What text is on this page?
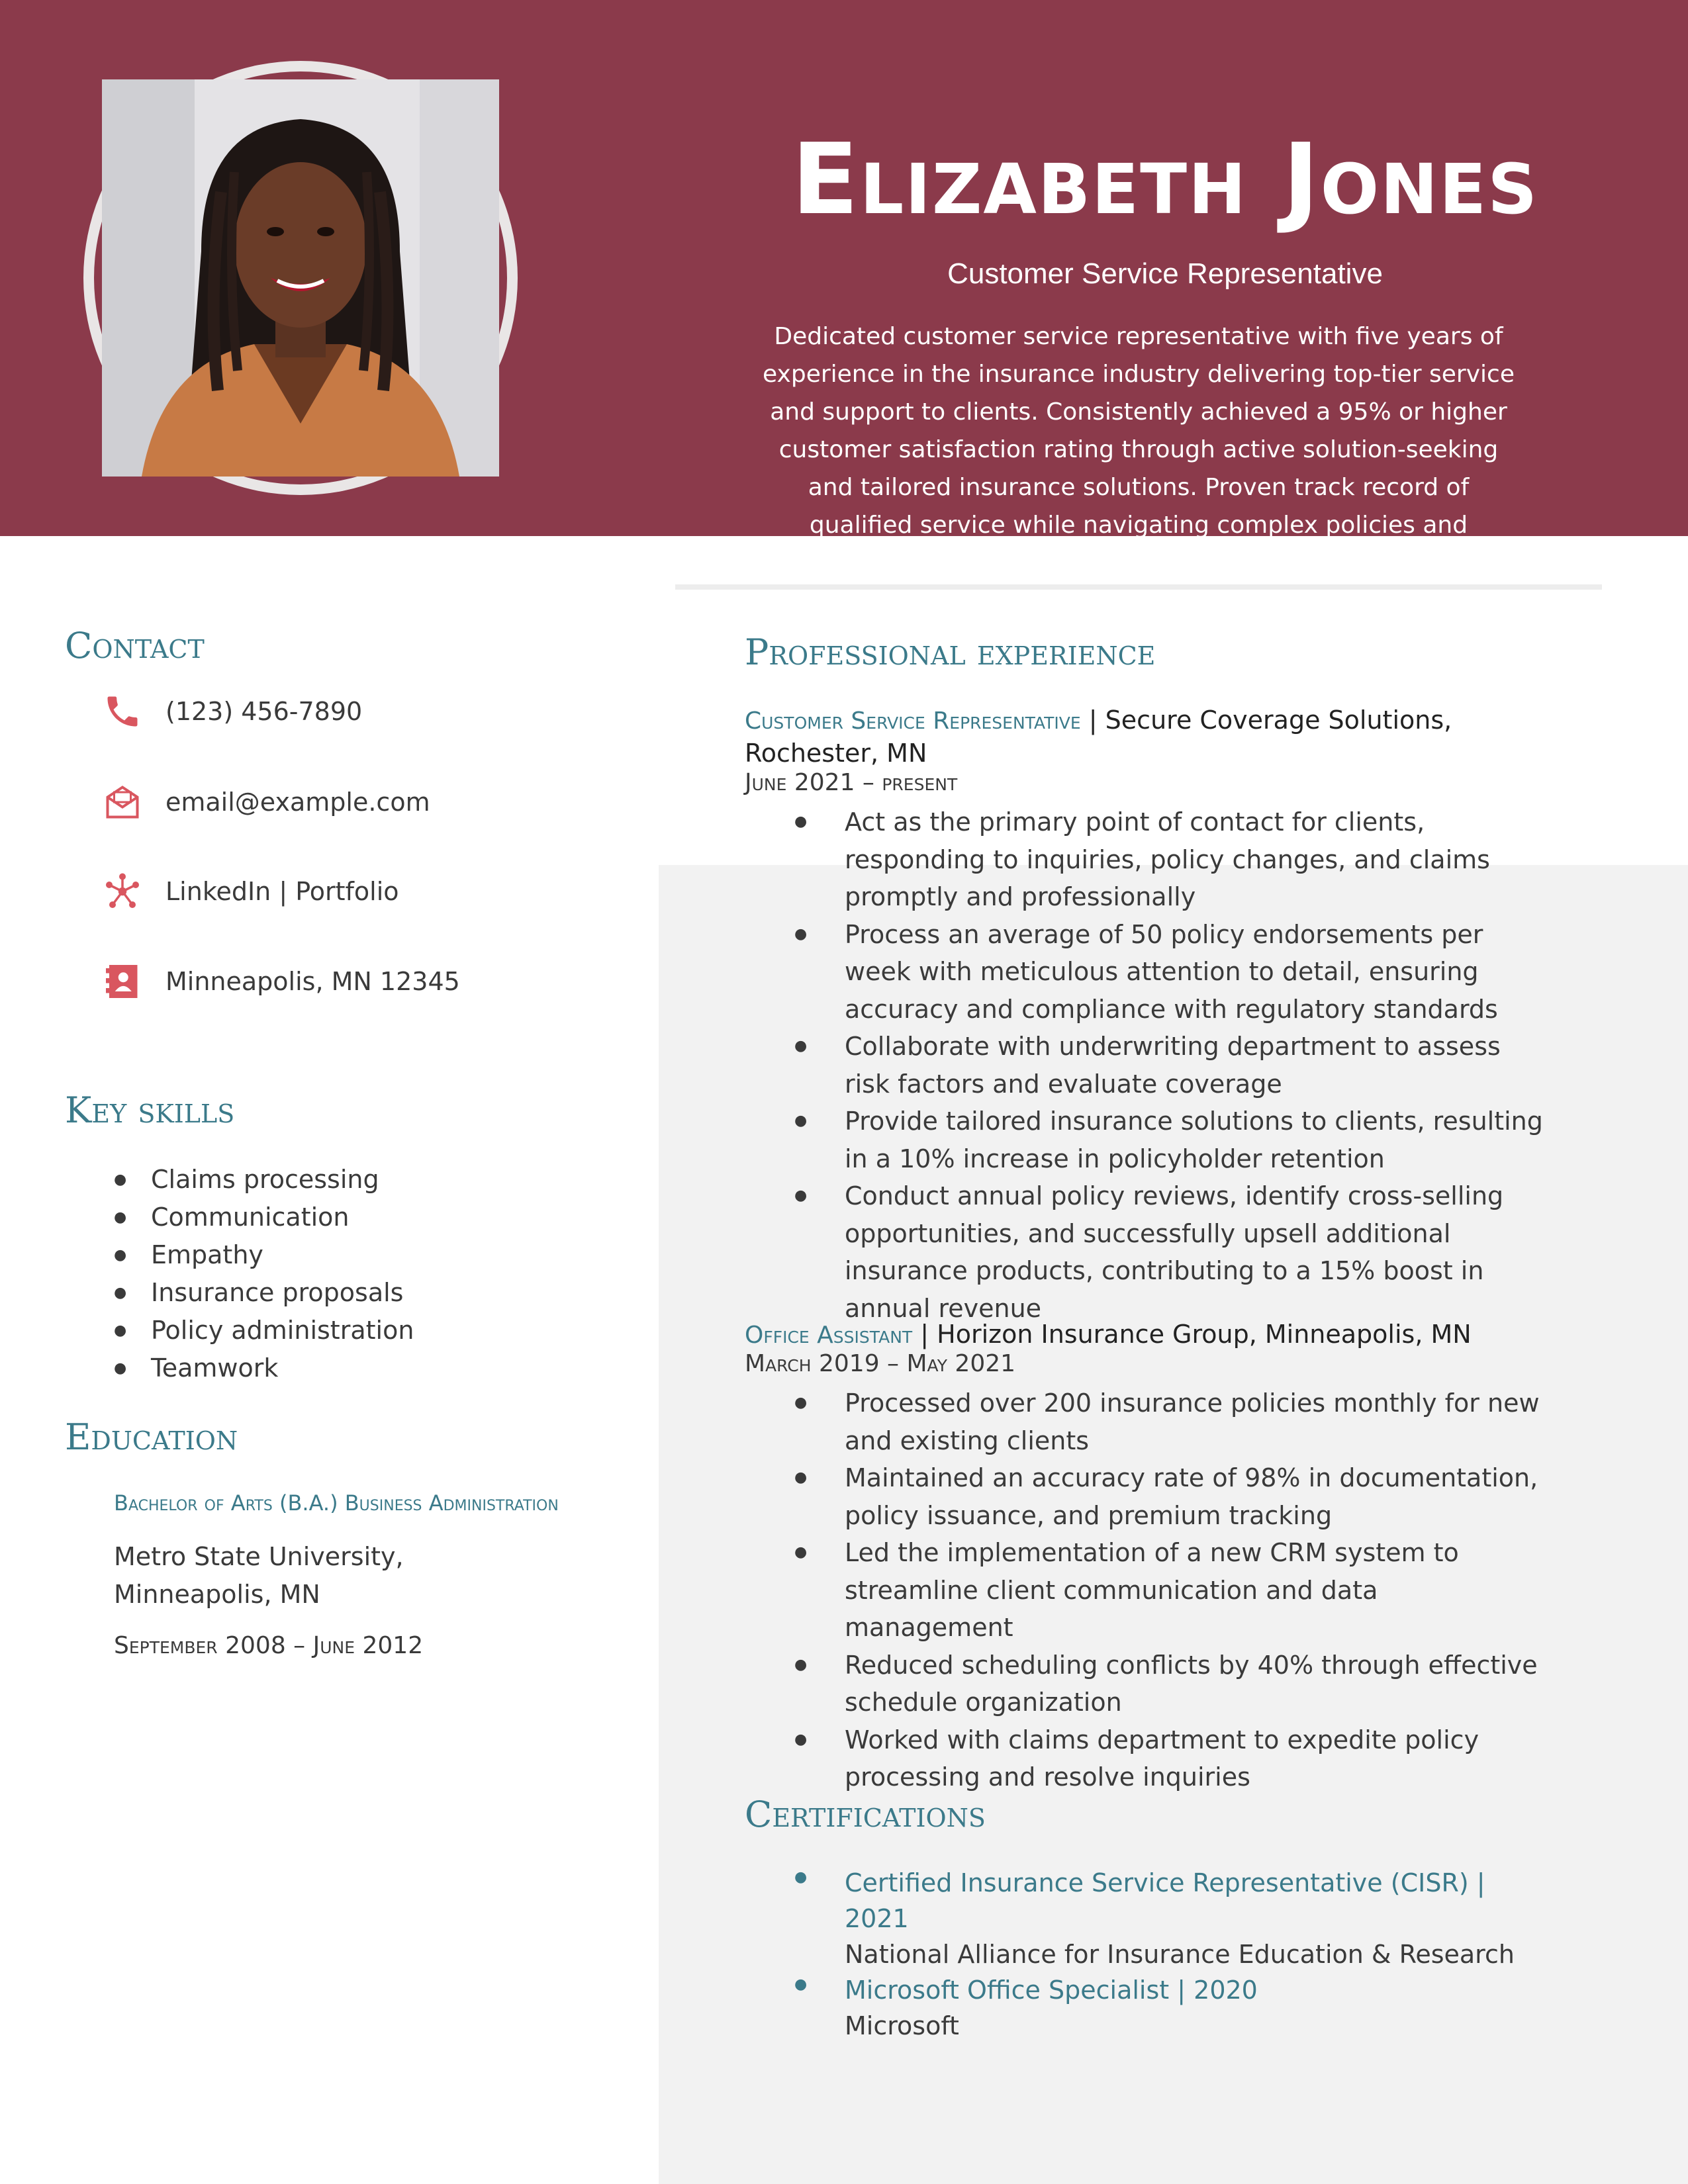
Elizabeth Jones
Customer Service Representative
Dedicated customer service representative with five years of experience in the insurance industry delivering top-tier service and support to clients. Consistently achieved a 95% or higher customer satisfaction rating through active solution-seeking and tailored insurance solutions. Proven track record of qualified service while navigating complex policies and regulations.
Contact
(123) 456-7890
email@example.com
LinkedIn | Portfolio
Minneapolis, MN 12345
Key skills
● Claims processing
● Communication
● Empathy
● Insurance proposals
● Policy administration
● Teamwork
Education
Bachelor of Arts (B.A.) Business Administration
Metro State University, Minneapolis, MN
September 2008 – June 2012
Professional experience
Customer Service Representative | Secure Coverage Solutions, Rochester, MN
June 2021 – present
● Act as the primary point of contact for clients, responding to inquiries, policy changes, and claims promptly and professionally
● Process an average of 50 policy endorsements per week with meticulous attention to detail, ensuring accuracy and compliance with regulatory standards
● Collaborate with underwriting department to assess risk factors and evaluate coverage
● Provide tailored insurance solutions to clients, resulting in a 10% increase in policyholder retention
● Conduct annual policy reviews, identify cross-selling opportunities, and successfully upsell additional insurance products, contributing to a 15% boost in annual revenue
Office Assistant | Horizon Insurance Group, Minneapolis, MN
March 2019 – May 2021
● Processed over 200 insurance policies monthly for new and existing clients
● Maintained an accuracy rate of 98% in documentation, policy issuance, and premium tracking
● Led the implementation of a new CRM system to streamline client communication and data management
● Reduced scheduling conflicts by 40% through effective schedule organization
● Worked with claims department to expedite policy processing and resolve inquiries
Certifications
● Certified Insurance Service Representative (CISR) | 2021
National Alliance for Insurance Education & Research
● Microsoft Office Specialist | 2020
Microsoft
